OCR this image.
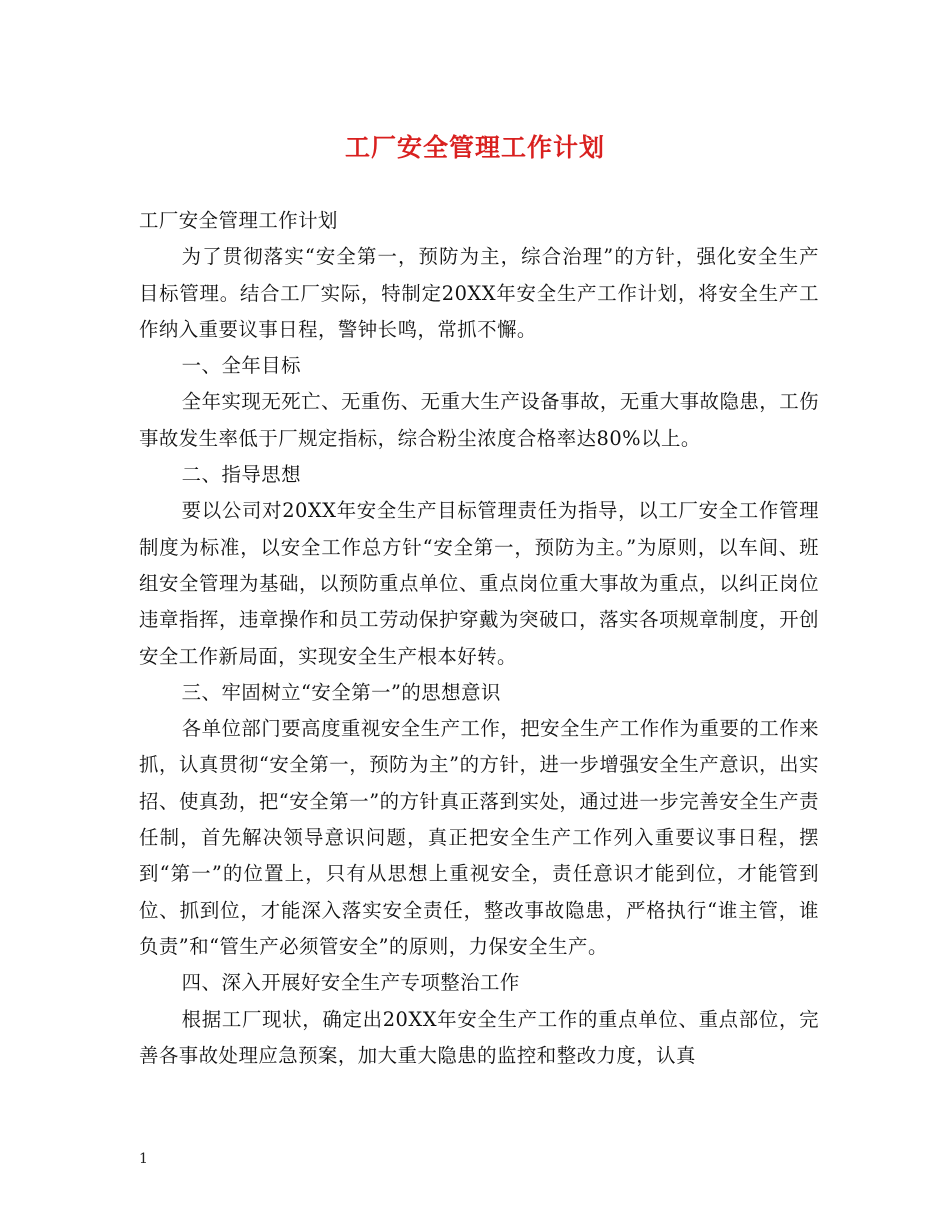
工厂安全管理工作计划

工厂安全管理工作计划

为了贯彻落实“安全第一，预防为主，综合治理”的方针，强化安全生产目标管理。结合工厂实际，特制定20XX年安全生产工作计划，将安全生产工作纳入重要议事日程，警钟长鸣，常抓不懈。

一、全年目标

全年实现无死亡、无重伤、无重大生产设备事故，无重大事故隐患，工伤事故发生率低于厂规定指标，综合粉尘浓度合格率达80%以上。

二、指导思想

要以公司对20XX年安全生产目标管理责任为指导，以工厂安全工作管理制度为标准，以安全工作总方针“安全第一，预防为主。”为原则，以车间、班组安全管理为基础，以预防重点单位、重点岗位重大事故为重点，以纠正岗位违章指挥，违章操作和员工劳动保护穿戴为突破口，落实各项规章制度，开创安全工作新局面，实现安全生产根本好转。

三、牢固树立“安全第一”的思想意识

各单位部门要高度重视安全生产工作，把安全生产工作作为重要的工作来抓，认真贯彻“安全第一，预防为主”的方针，进一步增强安全生产意识，出实招、使真劲，把“安全第一”的方针真正落到实处，通过进一步完善安全生产责任制，首先解决领导意识问题，真正把安全生产工作列入重要议事日程，摆到“第一”的位置上，只有从思想上重视安全，责任意识才能到位，才能管到位、抓到位，才能深入落实安全责任，整改事故隐患，严格执行“谁主管，谁负责”和“管生产必须管安全”的原则，力保安全生产。

四、深入开展好安全生产专项整治工作

根据工厂现状，确定出20XX年安全生产工作的重点单位、重点部位，完善各事故处理应急预案，加大重大隐患的监控和整改力度，认真

1
